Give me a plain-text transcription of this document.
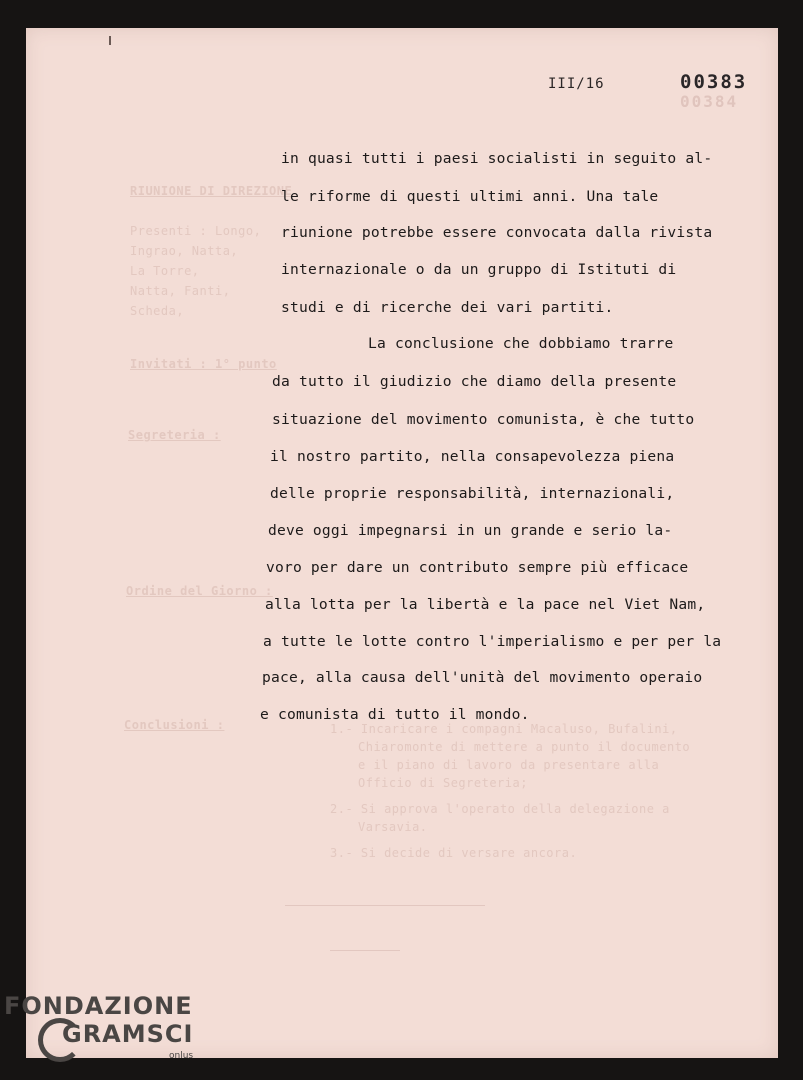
RIUNIONE DI DIREZIONE
Presenti : Longo,
Ingrao, Natta,
La Torre,
Natta, Fanti,
Scheda,
Invitati : 1° punto
Segreteria :
Ordine del Giorno :
Conclusioni :	1.- Incaricare i compagni Macaluso, Bufalini,
Chiaromonte di mettere a punto il documento
e il piano di lavoro da presentare alla
Officio di Segreteria;
2.- Si approva l'operato della delegazione a
Varsavia.
3.- Si decide di versare ancora.
III/16	00383
00384
in quasi tutti i paesi socialisti in seguito al-
le riforme di questi ultimi anni. Una tale
riunione potrebbe essere convocata dalla rivista
internazionale o da un gruppo di Istituti di
studi e di ricerche dei vari partiti.
La conclusione che dobbiamo trarre
da tutto il giudizio che diamo della presente
situazione del movimento comunista, è che tutto
il nostro partito, nella consapevolezza piena
delle proprie responsabilità, internazionali,
deve oggi impegnarsi in un grande e serio la-
voro per dare un contributo sempre più efficace
alla lotta per la libertà e la pace nel Viet Nam,
a tutte le lotte contro l'imperialismo e per per la
pace, alla causa dell'unità del movimento operaio
e comunista di tutto il mondo.
FONDAZIONE
GRAMSCI
onlus
